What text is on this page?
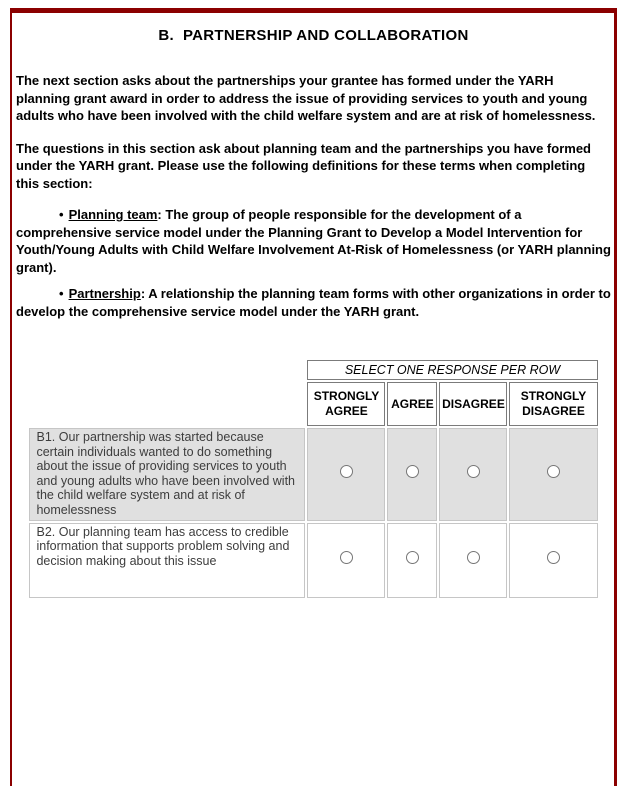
B.  PARTNERSHIP AND COLLABORATION

The next section asks about the partnerships your grantee has formed under the YARH planning grant award in order to address the issue of providing services to youth and young adults who have been involved with the child welfare system and are at risk of homelessness.

The questions in this section ask about planning team and the partnerships you have formed under the YARH grant. Please use the following definitions for these terms when completing this section:

• Planning team: The group of people responsible for the development of a comprehensive service model under the Planning Grant to Develop a Model Intervention for Youth/Young Adults with Child Welfare Involvement At-Risk of Homelessness (or YARH planning grant).

• Partnership: A relationship the planning team forms with other organizations in order to develop the comprehensive service model under the YARH grant.

	SELECT ONE RESPONSE PER ROW			
	STRONGLY AGREE	AGREE	DISAGREE	STRONGLY DISAGREE
B1. Our partnership was started because certain individuals wanted to do something about the issue of providing services to youth and young adults who have been involved with the child welfare system and at risk of homelessness				
B2. Our planning team has access to credible information that supports problem solving and decision making about this issue				
